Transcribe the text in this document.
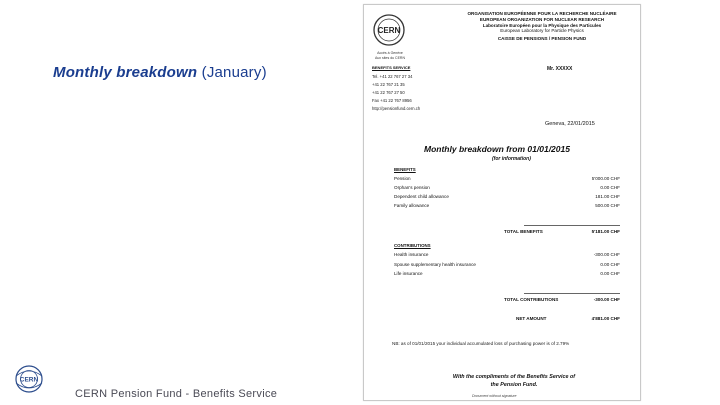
Monthly breakdown (January)
CERN
CERN Pension Fund - Benefits Service
CERN
Accès à Genève
Aux sites du CERN
ORGANISATION EUROPÉENNE POUR LA RECHERCHE NUCLÉAIRE
EUROPEAN ORGANIZATION FOR NUCLEAR RESEARCH
Laboratoire Européen pour la Physique des Particules
European Laboratory for Particle Physics
CAISSE DE PENSIONS / PENSION FUND
BENEFITS SERVICE
Tel. +41 22 767 27 34
+41 22 767 21 35
+41 22 767 27 50
Fax +41 22 767 8956
http://pensionfund.cern.ch
Mr. XXXXX
Geneva, 22/01/2015
Monthly breakdown from 01/01/2015
(for information)
BENEFITS
Pension	5'000.00 CHF
Orphan's pension	0.00 CHF
Dependent child allowance	181.00 CHF
Family allowance	500.00 CHF
TOTAL BENEFITS	5'181.00 CHF
CONTRIBUTIONS
Health insurance	-300.00 CHF
Spouse supplementary health insurance	0.00 CHF
Life insurance	0.00 CHF
TOTAL CONTRIBUTIONS	-300.00 CHF
NET AMOUNT	4'881.00 CHF
NB: as of 01/01/2015 your individual accumulated loss of purchasing power is of 2.79%
With the compliments of the Benefits Service of
the Pension Fund.
Document without signature
